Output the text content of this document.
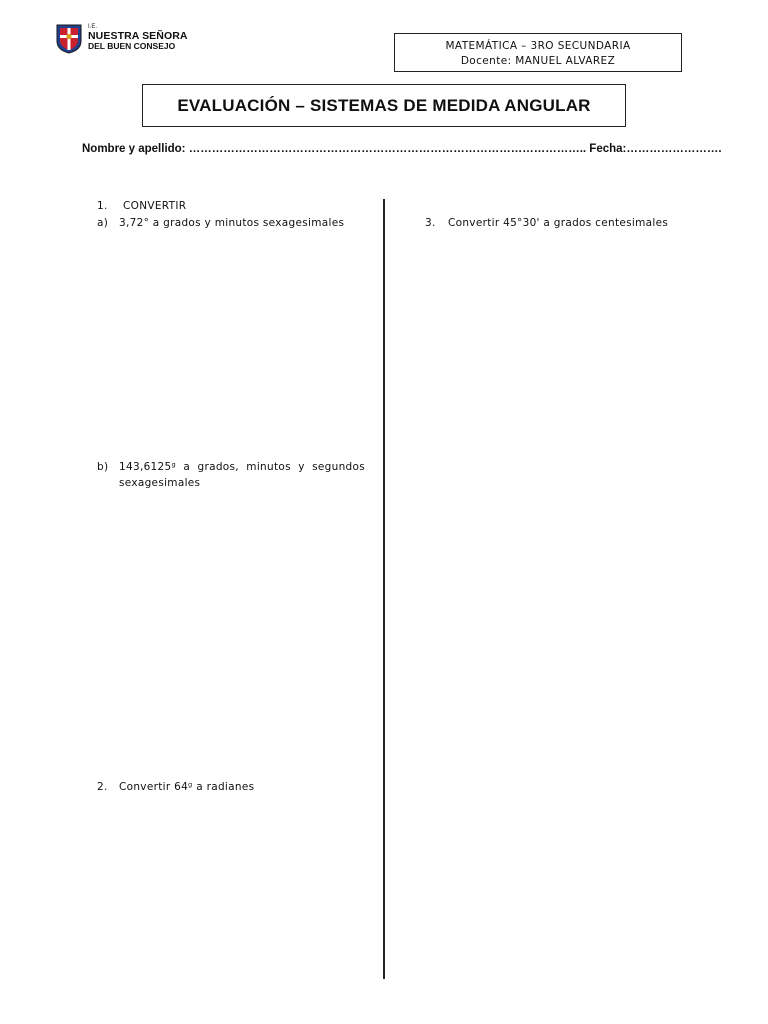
I.E.
NUESTRA SEÑORA
DEL BUEN CONSEJO	MATEMÁTICA – 3RO SECUNDARIA
Docente: MANUEL ALVAREZ
EVALUACIÓN – SISTEMAS DE MEDIDA ANGULAR
Nombre y apellido: ………………………………………………………………………………………….. Fecha:…………………….
1. CONVERTIR
a) 3,72° a grados y minutos sexagesimales
b) 143,6125ᵍ a grados, minutos y segundos sexagesimales
2. Convertir 64ᵍ a radianes
3. Convertir 45°30' a grados centesimales
